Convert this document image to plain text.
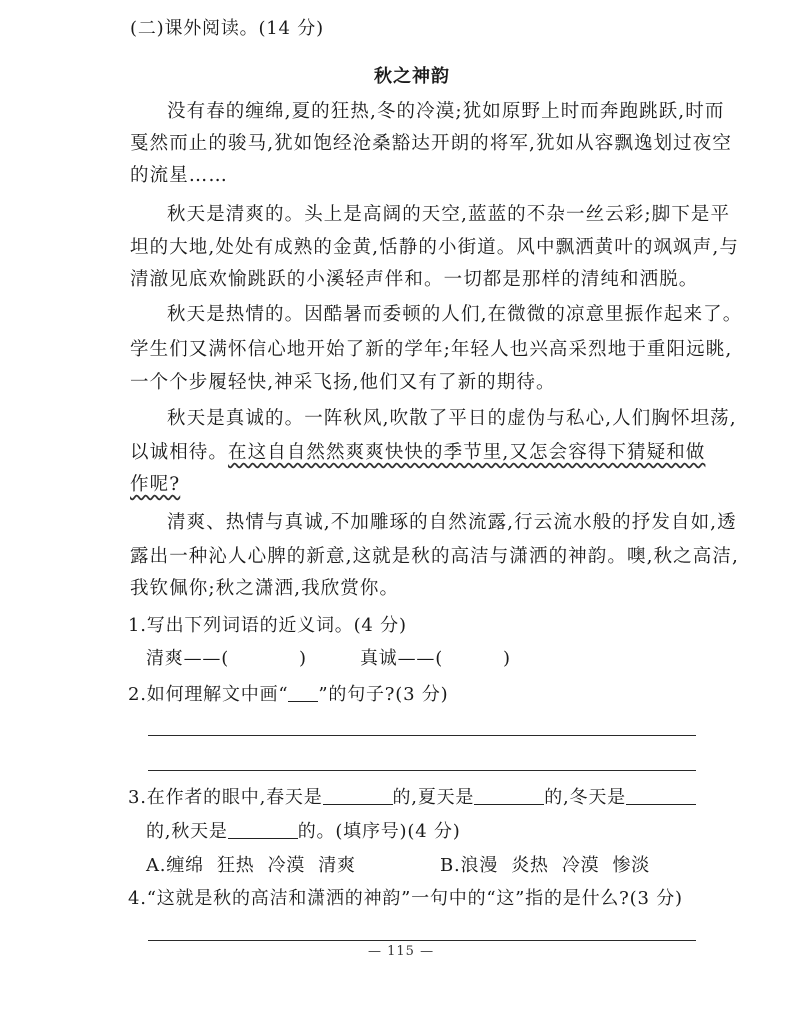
(二)课外阅读。(14 分)
秋之神韵
没有春的缠绵,夏的狂热,冬的冷漠;犹如原野上时而奔跑跳跃,时而
戛然而止的骏马,犹如饱经沧桑豁达开朗的将军,犹如从容飘逸划过夜空
的流星……
秋天是清爽的。头上是高阔的天空,蓝蓝的不杂一丝云彩;脚下是平
坦的大地,处处有成熟的金黄,恬静的小街道。风中飘洒黄叶的飒飒声,与
清澈见底欢愉跳跃的小溪轻声伴和。一切都是那样的清纯和洒脱。
秋天是热情的。因酷暑而委顿的人们,在微微的凉意里振作起来了。
学生们又满怀信心地开始了新的学年;年轻人也兴高采烈地于重阳远眺,
一个个步履轻快,神采飞扬,他们又有了新的期待。
秋天是真诚的。一阵秋风,吹散了平日的虚伪与私心,人们胸怀坦荡,
以诚相待。在这自自然然爽爽快快的季节里,又怎会容得下猜疑和做
作呢?
清爽、热情与真诚,不加雕琢的自然流露,行云流水般的抒发自如,透
露出一种沁人心脾的新意,这就是秋的高洁与潇洒的神韵。噢,秋之高洁,
我钦佩你;秋之潇洒,我欣赏你。
1.写出下列词语的近义词。(4 分)
清爽——(	)	真诚——(	)
2.如何理解文中画“ ”的句子?(3 分)
3.在作者的眼中,春天是	的,夏天是	的,冬天是
的,秋天是	的。(填序号)(4 分)
A.缠绵  狂热  冷漠  清爽	B.浪漫  炎热  冷漠  惨淡
4.“这就是秋的高洁和潇洒的神韵”一句中的“这”指的是什么?(3 分)
— 115 —
